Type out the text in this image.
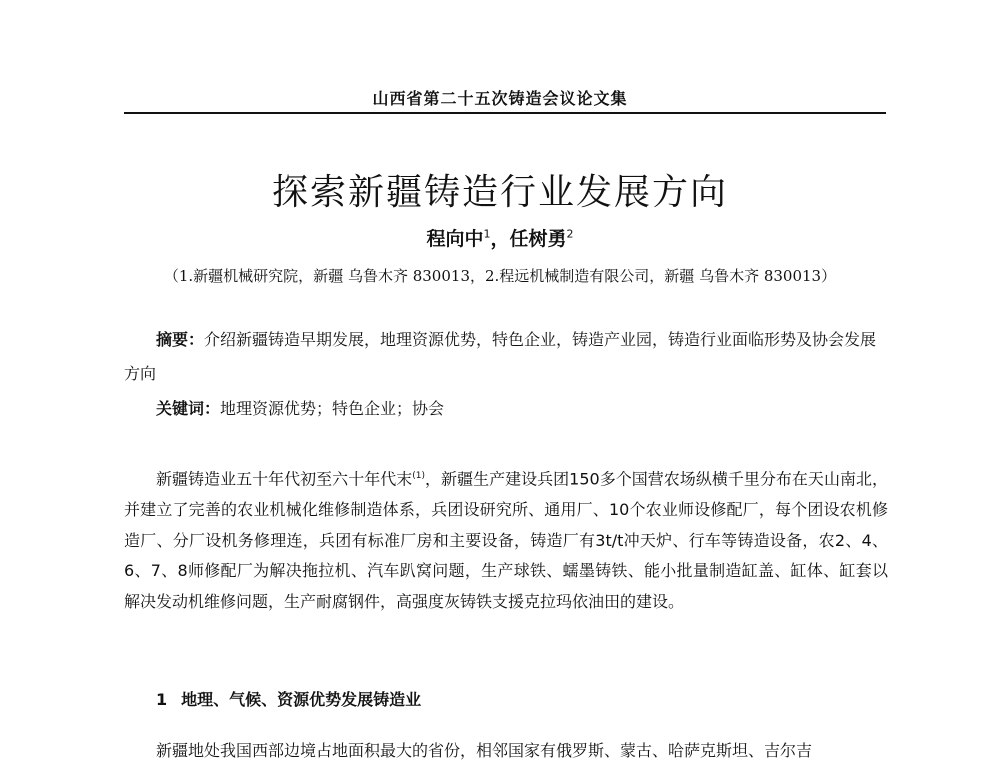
山西省第二十五次铸造会议论文集
探索新疆铸造行业发展方向
程向中$^1$，任树勇$^2$
（1.新疆机械研究院，新疆 乌鲁木齐 830013，2.程远机械制造有限公司，新疆 乌鲁木齐 830013）
摘要：介绍新疆铸造早期发展，地理资源优势，特色企业，铸造产业园，铸造行业面临形势及协会发展方向
关键词：地理资源优势；特色企业；协会
新疆铸造业五十年代初至六十年代末$^{(1)}$，新疆生产建设兵团150多个国营农场纵横千里分布在天山南北，并建立了完善的农业机械化维修制造体系，兵团设研究所、通用厂、10个农业师设修配厂，每个团设农机修造厂、分厂设机务修理连，兵团有标准厂房和主要设备，铸造厂有3t/t冲天炉、行车等铸造设备，农2、4、6、7、8师修配厂为解决拖拉机、汽车趴窝问题，生产球铁、蠕墨铸铁、能小批量制造缸盖、缸体、缸套以解决发动机维修问题，生产耐腐钢件，高强度灰铸铁支援克拉玛依油田的建设。
1 地理、气候、资源优势发展铸造业
新疆地处我国西部边境占地面积最大的省份，相邻国家有俄罗斯、蒙古、哈萨克斯坦、吉尔吉
